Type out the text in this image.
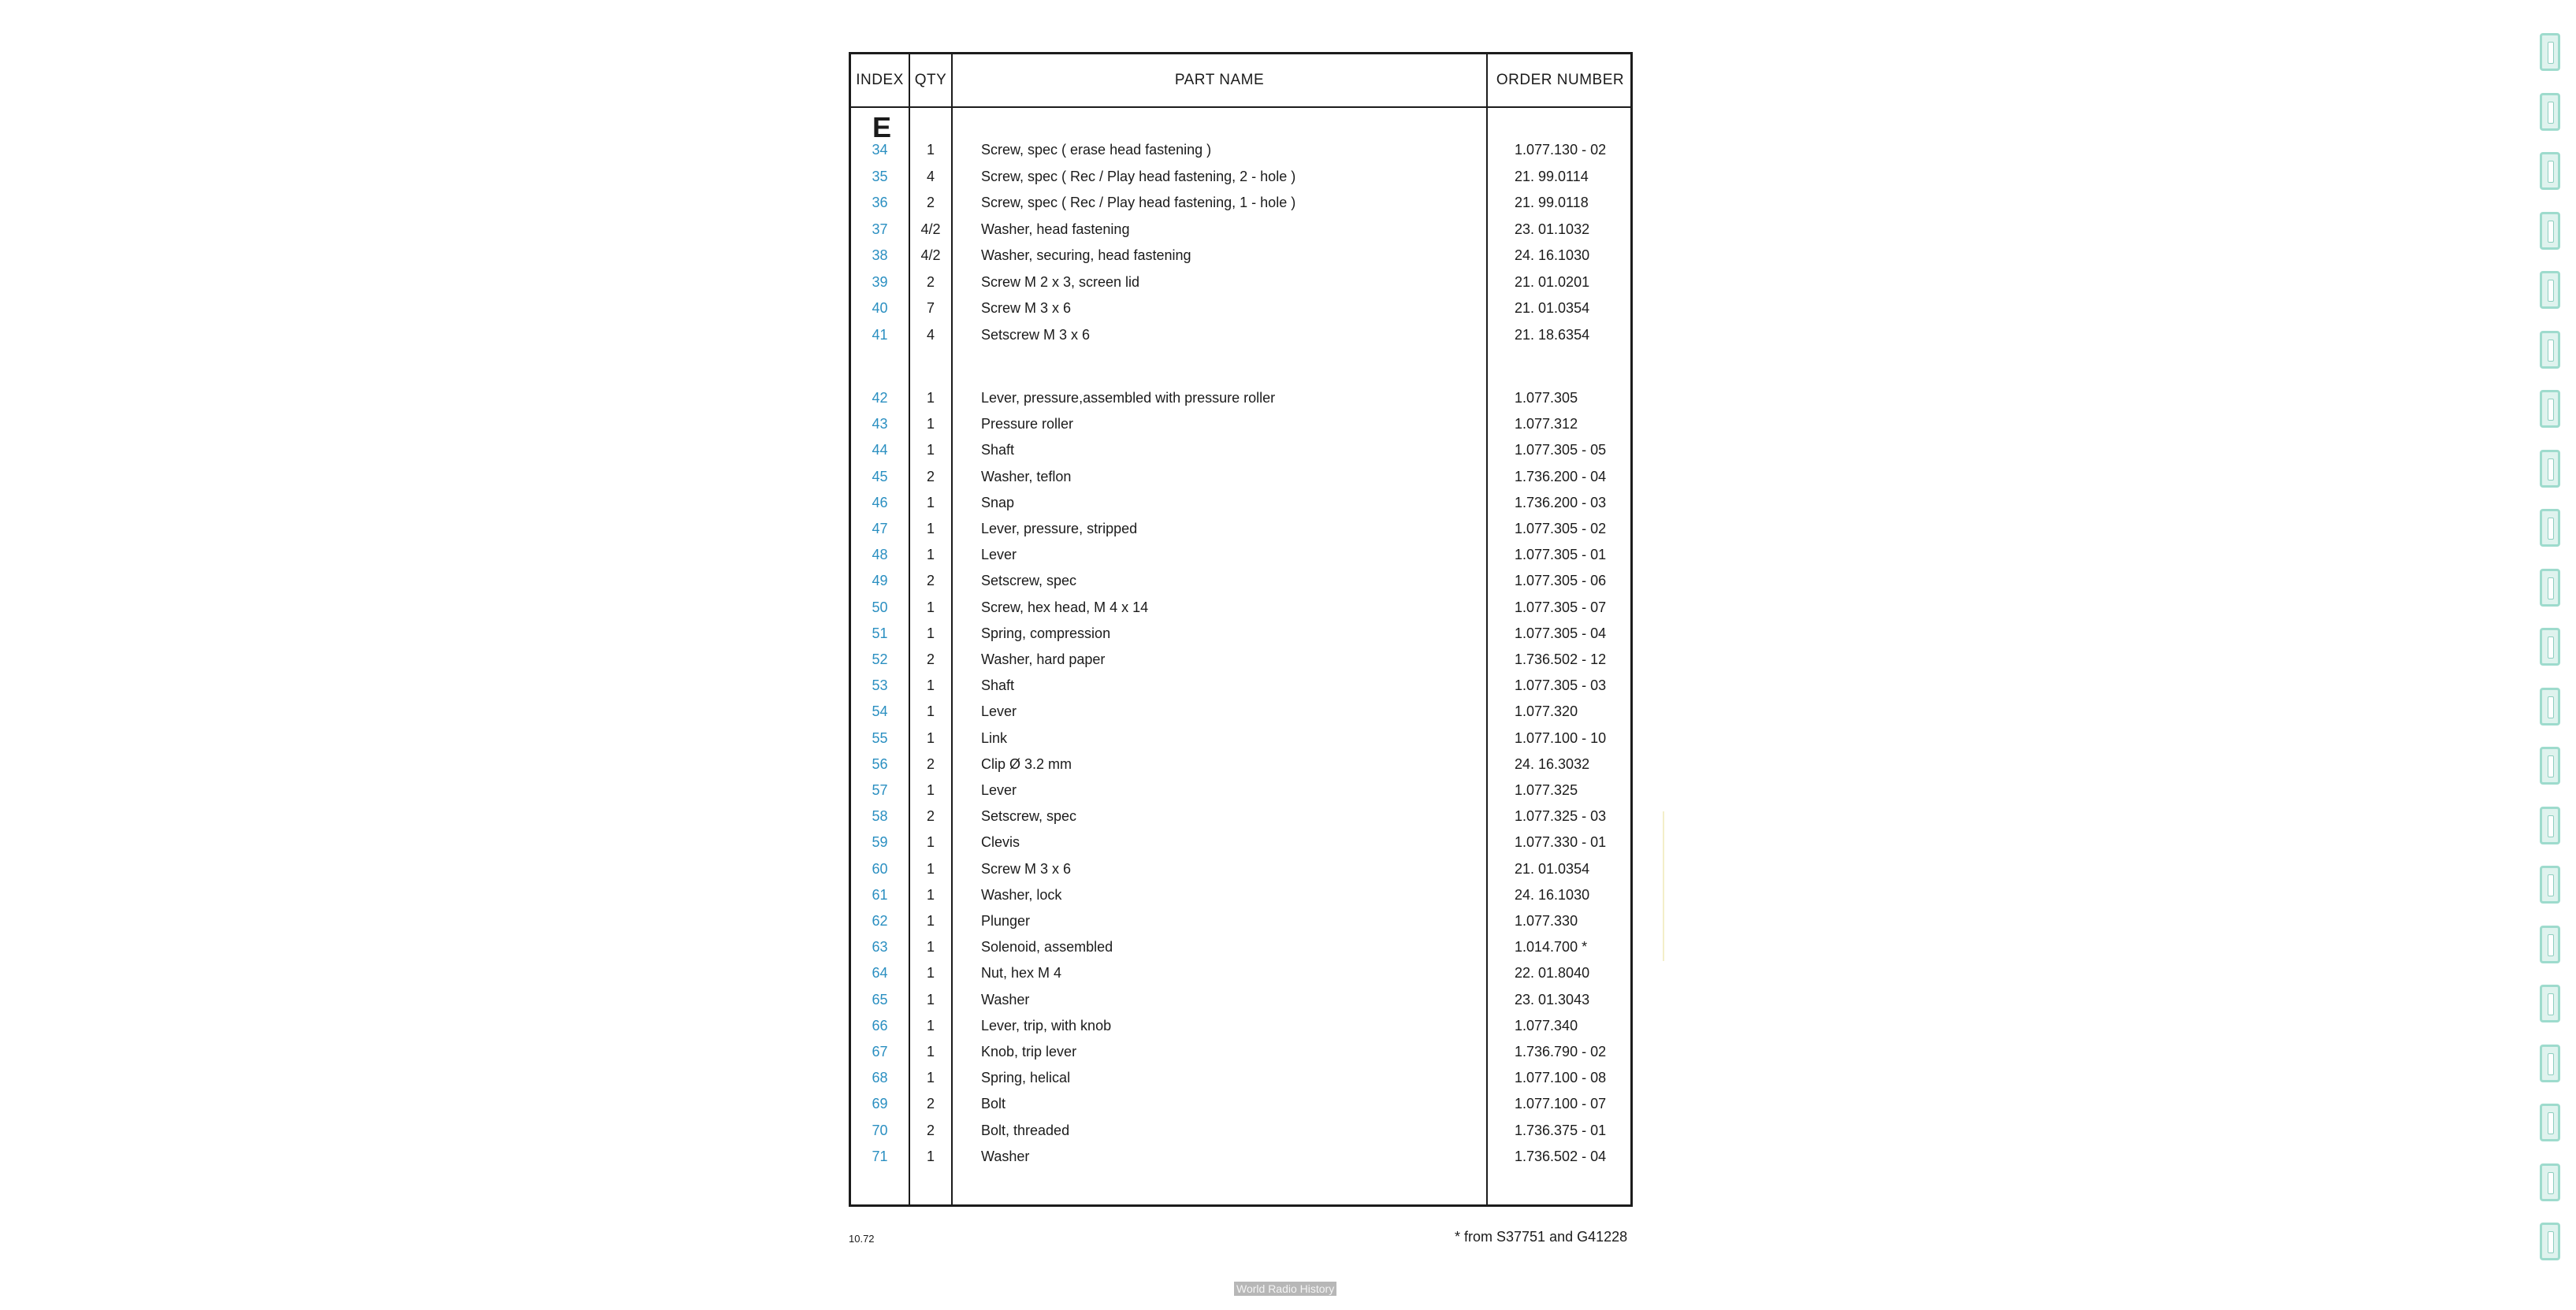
INDEX QTY	PART NAME	ORDER NUMBER
E
34	1	Screw, spec ( erase head fastening )	1.077.130 - 02
35	4	Screw, spec ( Rec / Play head fastening, 2 - hole )	21. 99.0114
36	2	Screw, spec ( Rec / Play head fastening, 1 - hole )	21. 99.0118
37	4/2	Washer, head fastening	23. 01.1032
38	4/2	Washer, securing, head fastening	24. 16.1030
39	2	Screw M 2 x 3, screen lid	21. 01.0201
40	7	Screw M 3 x 6	21. 01.0354
41	4	Setscrew M 3 x 6	21. 18.6354
42	1	Lever, pressure,assembled with pressure roller	1.077.305
43	1	Pressure roller	1.077.312
44	1	Shaft	1.077.305 - 05
45	2	Washer, teflon	1.736.200 - 04
46	1	Snap	1.736.200 - 03
47	1	Lever, pressure, stripped	1.077.305 - 02
48	1	Lever	1.077.305 - 01
49	2	Setscrew, spec	1.077.305 - 06
50	1	Screw, hex head, M 4 x 14	1.077.305 - 07
51	1	Spring, compression	1.077.305 - 04
52	2	Washer, hard paper	1.736.502 - 12
53	1	Shaft	1.077.305 - 03
54	1	Lever	1.077.320
55	1	Link	1.077.100 - 10
56	2	Clip Ø 3.2 mm	24. 16.3032
57	1	Lever	1.077.325
58	2	Setscrew, spec	1.077.325 - 03
59	1	Clevis	1.077.330 - 01
60	1	Screw M 3 x 6	21. 01.0354
61	1	Washer, lock	24. 16.1030
62	1	Plunger	1.077.330
63	1	Solenoid, assembled	1.014.700 *
64	1	Nut, hex M 4	22. 01.8040
65	1	Washer	23. 01.3043
66	1	Lever, trip, with knob	1.077.340
67	1	Knob, trip lever	1.736.790 - 02
68	1	Spring, helical	1.077.100 - 08
69	2	Bolt	1.077.100 - 07
70	2	Bolt, threaded	1.736.375 - 01
71	1	Washer	1.736.502 - 04
10.72	* from S37751 and G41228
World Radio History
